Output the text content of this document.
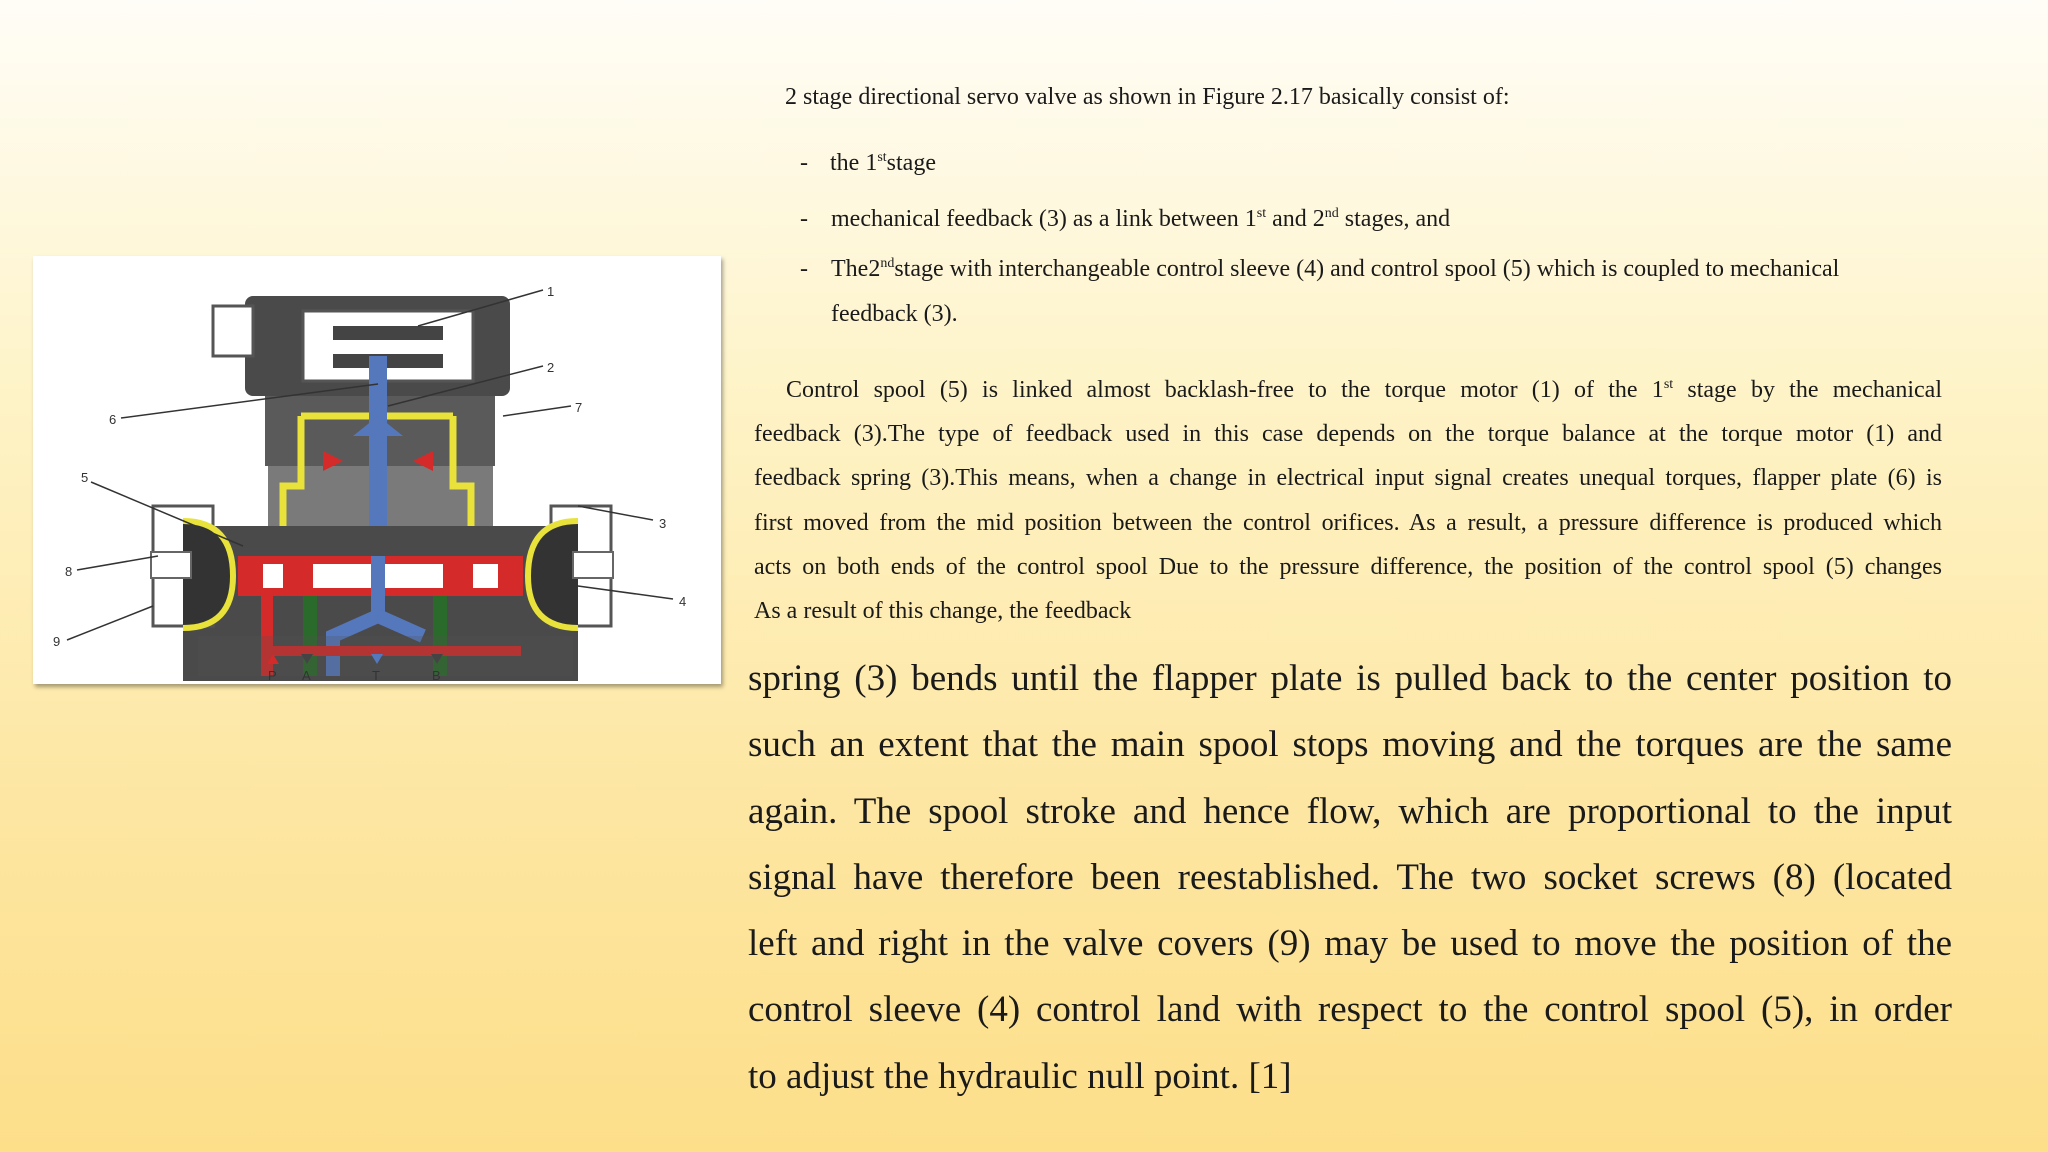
2 stage directional servo valve as shown in Figure 2.17 basically consist of:
- the 1ststage
- mechanical feedback (3) as a link between 1st and 2nd stages, and
- The2ndstage with interchangeable control sleeve (4) and control spool (5) which is coupled to mechanical
feedback (3).
Control spool (5) is linked almost backlash-free to the torque motor (1) of the 1st stage by the mechanical
feedback (3).The type of feedback used in this case depends on the torque balance at the torque motor (1) and
feedback spring (3).This means, when a change in electrical input signal creates unequal torques, flapper plate (6) is
first moved from the mid position between the control orifices. As a result, a pressure difference is produced which
acts on both ends of the control spool Due to the pressure difference, the position of the control spool (5) changes
As a result of this change, the feedback
spring (3) bends until the flapper plate is pulled back to the center position to
such an extent that the main spool stops moving and the torques are the same
again. The spool stroke and hence flow, which are proportional to the input
signal have therefore been reestablished. The two socket screws (8) (located
left and right in the valve covers (9) may be used to move the position of the
control sleeve (4) control land with respect to the control spool (5), in order
to adjust the hydraulic null point. [1]
1
2
3
4
5
6
7
8
9
P A	T	B
